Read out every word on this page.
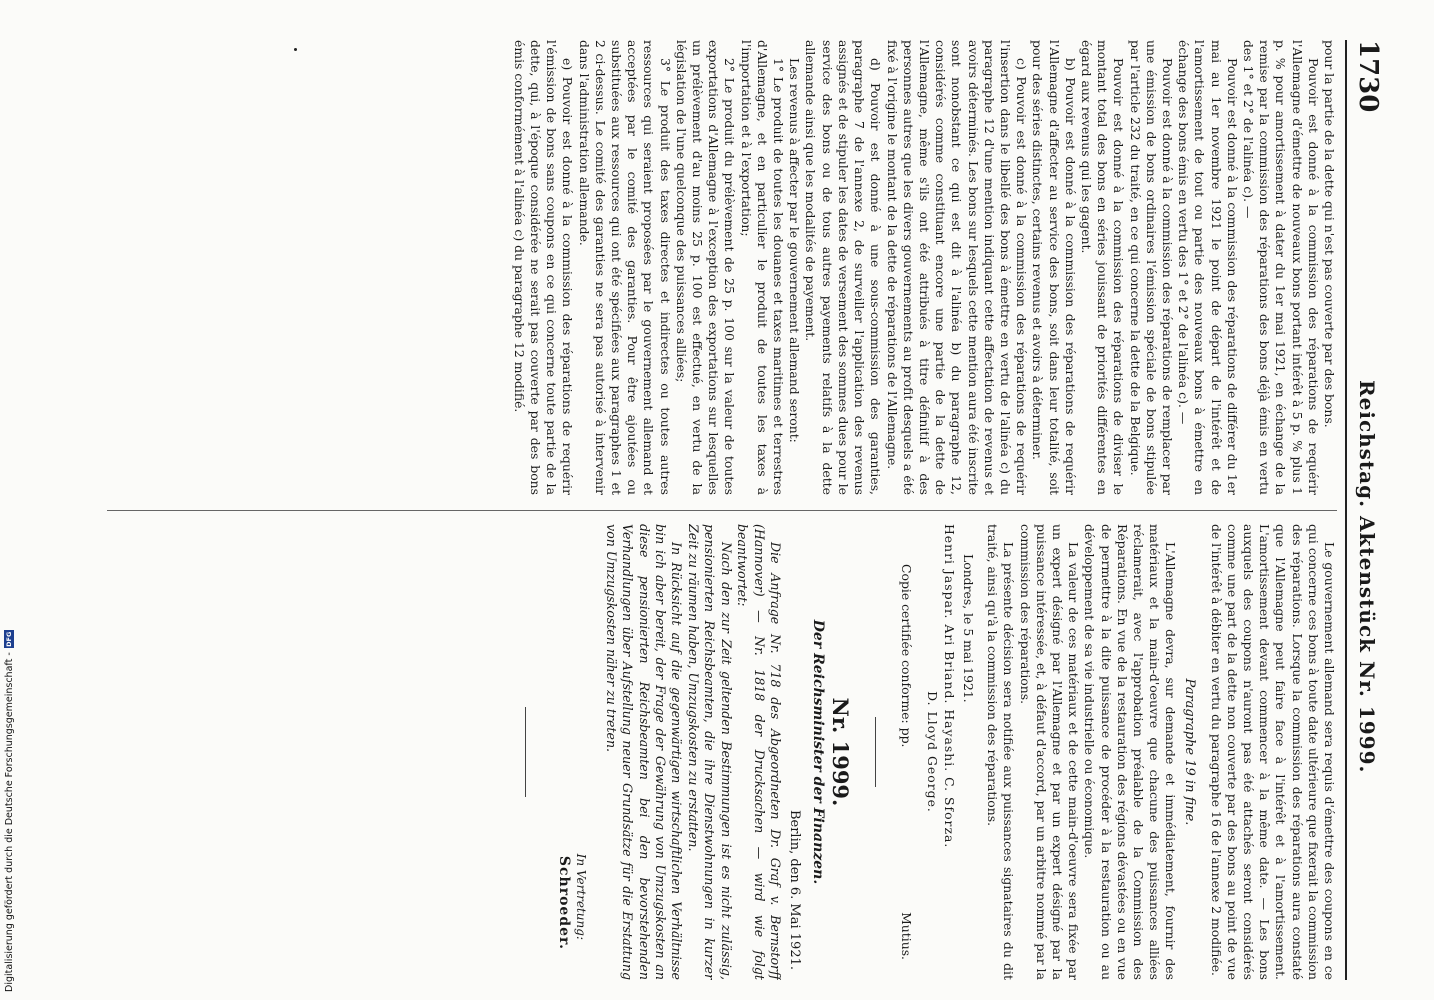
1730
Reichstag. Aktenstück Nr. 1999.

pour la partie de la dette qui n'est pas couverte par des bons.

Pouvoir est donné à la commission des réparations de requérir l'Allemagne d'émettre de nouveaux bons portant intérêt à 5 p. % plus 1 p. % pour amortissement à dater du 1er mai 1921, en échange de la remise par la commission des réparations des bons déjà émis en vertu des 1° et 2° de l'alinéa c). —

Pouvoir est donné à la commission des réparations de différer du 1er mai au 1er novembre 1921 le point de départ de l'intérêt et de l'amortissement de tout ou partie des nouveaux bons à émettre en échange des bons émis en vertu des 1° et 2° de l'alinéa c). —

Pouvoir est donné à la commission des réparations de remplacer par une émission de bons ordinaires l'émission spéciale de bons stipulée par l'article 232 du traité, en ce qui concerne la dette de la Belgique.

Pouvoir est donné à la commission des réparations de diviser le montant total des bons en séries jouissant de priorités différentes en égard aux revenus qui les gagent.

b) Pouvoir est donné à la commission des réparations de requérir l'Allemagne d'affecter au service des bons, soit dans leur totalité, soit pour des séries distinctes, certains revenus et avoirs à déterminer.

c) Pouvoir est donné à la commission des réparations de requérir l'insertion dans le libellé des bons à émettre en vertu de l'alinéa c) du paragraphe 12 d'une mention indiquant cette affectation de revenus et avoirs déterminés. Les bons sur lesquels cette mention aura été inscrite sont nonobstant ce qui est dit à l'alinéa b) du paragraphe 12, considérés comme constituant encore une partie de la dette de l'Allemagne, même s'ils ont été attribués à titre définitif à des personnes autres que les divers gouvernements au profit desquels a été fixé à l'origine le montant de la dette de réparations de l'Allemagne.

d) Pouvoir est donné à une sous-commission des garanties, paragraphe 7 de l'annexe 2, de surveiller l'application des revenus assignés et de stipuler les dates de versement des sommes dues pour le service des bons ou de tous autres payements relatifs à la dette allemande ainsi que les modalités de payement.

Les revenus à affecter par le gouvernement allemand seront:

1° Le produit de toutes les douanes et taxes maritimes et terrestres d'Allemagne, et en particulier le produit de toutes les taxes à l'importation et à l'exportation;

2° Le produit du prélèvement de 25 p. 100 sur la valeur de toutes exportations d'Allemagne à l'exception des exportations sur lesquelles un prélèvement d'au moins 25 p. 100 est effectué, en vertu de la législation de l'une quelconque des puissances alliées;

3° Le produit des taxes directes et indirectes ou toutes autres ressources qui seraient proposées par le gouvernement allemand et acceptées par le comité des garanties. Pour être ajoutées ou substituées aux ressources qui ont été spécifiées aux paragraphes 1 et 2 ci-dessus. Le comité des garanties ne sera pas autorisé à intervenir dans l'administration allemande.

e) Pouvoir est donné à la commission des réparations de requérir l'émission de bons sans coupons en ce qui concerne toute partie de la dette, qui, à l'époque considérée ne serait pas couverte par des bons émis conformément à l'alinéa c) du paragraphe 12 modifié.

Le gouvernement allemand sera requis d'émettre des coupons en ce qui concerne ces bons à toute date ultérieure que fixerait la commission des réparations. Lorsque la commission des réparations aura constaté que l'Allemagne peut faire face à l'intérêt et à l'amortissement. L'amortissement devant commencer à la même date. — Les bons auxquels des coupons n'auront pas été attachés seront considérés comme une part de la dette non couverte par des bons au point de vue de l'intérêt à débiter en vertu du paragraphe 16 de l'annexe 2 modifiée.

Paragraphe 19 in fine.

L'Allemagne devra, sur demande et immédiatement, fournir des matériaux et la main-d'oeuvre que chacune des puissances alliées réclamerait, avec l'approbation préalable de la Commission des Réparations. En vue de la restauration des régions dévastées ou en vue de permettre à la dite puissance de procéder à la restauration ou au développement de sa vie industrielle ou économique.

La valeur de ces matériaux et de cette main-d'oeuvre sera fixée par un expert désigné par l'Allemagne et par un expert désigné par la puissance intéressée, et, à défaut d'accord, par un arbitre nommé par la commission des réparations.

La présente décision sera notifiée aux puissances signataires du dit traité, ainsi qu'à la commission des réparations.

Londres, le 5 mai 1921.
Henri Jaspar. Ari Briand. Hayashi. C. Sforza.
D. Lloyd George.
Copie certifiée conforme: pp.
Mutius.
Nr. 1999.
Der Reichsminister der Finanzen.
Berlin, den 6. Mai 1921.

Die Anfrage Nr. 718 des Abgeordneten Dr. Graf v. Bernstorff (Hannover) — Nr. 1818 der Drucksachen — wird wie folgt beantwortet:

Nach den zur Zeit geltenden Bestimmungen ist es nicht zulässig, pensionierten Reichsbeamten, die ihre Dienstwohnungen in kurzer Zeit zu räumen haben, Umzugskosten zu erstatten.

In Rücksicht auf die gegenwärtigen wirtschaftlichen Verhältnisse bin ich aber bereit, der Frage der Gewährung von Umzugskosten an diese pensionierten Reichsbeamten bei den bevorstehenden Verhandlungen über Aufstellung neuer Grundsätze für die Erstattung von Umzugskosten näher zu treten.

In Vertretung:
Schroeder.
Digitalisierung gefördert durch die Deutsche Forschungsgemeinschaft -
DFG
